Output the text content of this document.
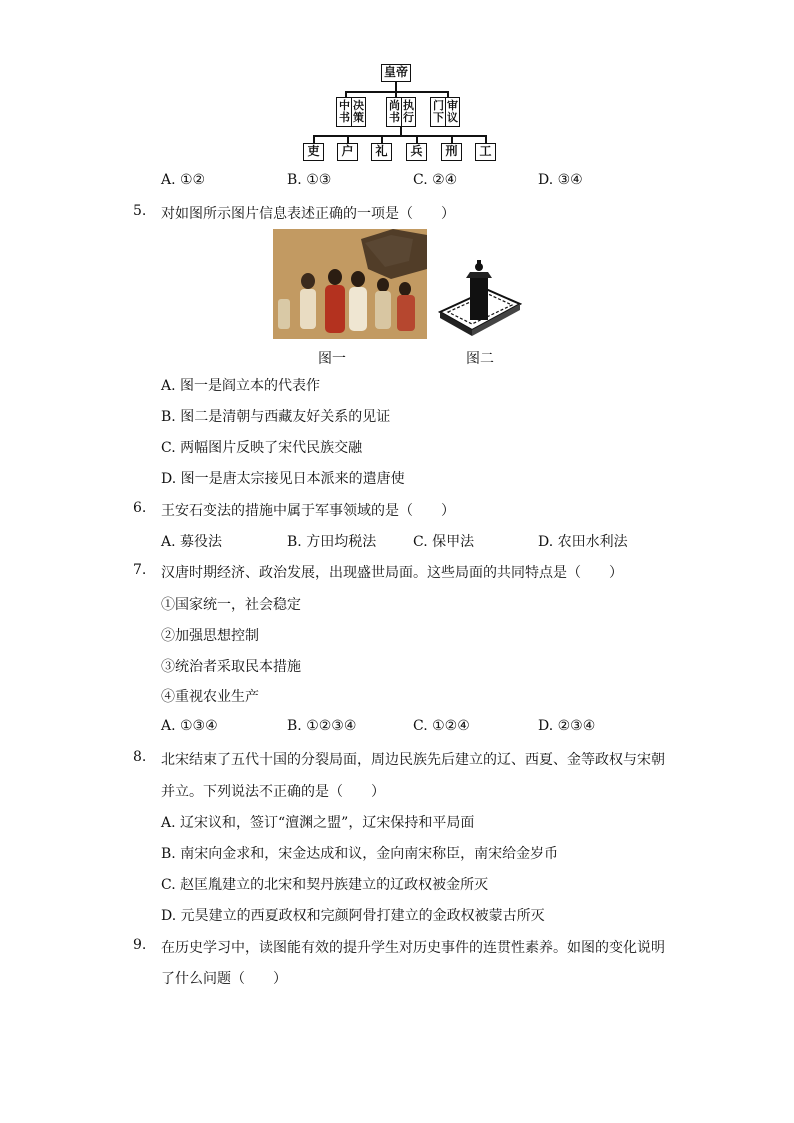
皇帝
中书
决策
尚书
执行
门下
审议
吏	户	礼	兵	刑	工
A. ①②	B. ①③	C. ②④	D. ③④
5. 对如图所示图片信息表述正确的一项是（　　）
图一	图二
A. 图一是阎立本的代表作
B. 图二是清朝与西藏友好关系的见证
C. 两幅图片反映了宋代民族交融
D. 图一是唐太宗接见日本派来的遣唐使
6. 王安石变法的措施中属于军事领域的是（　　）
A. 募役法	B. 方田均税法	C. 保甲法	D. 农田水利法
7. 汉唐时期经济、政治发展，出现盛世局面。这些局面的共同特点是（　　）
①国家统一，社会稳定
②加强思想控制
③统治者采取民本措施
④重视农业生产
A. ①③④	B. ①②③④	C. ①②④	D. ②③④
8. 北宋结束了五代十国的分裂局面，周边民族先后建立的辽、西夏、金等政权与宋朝
并立。下列说法不正确的是（　　）
A. 辽宋议和，签订“澶渊之盟”，辽宋保持和平局面
B. 南宋向金求和，宋金达成和议，金向南宋称臣，南宋给金岁币
C. 赵匡胤建立的北宋和契丹族建立的辽政权被金所灭
D. 元昊建立的西夏政权和完颜阿骨打建立的金政权被蒙古所灭
9. 在历史学习中，读图能有效的提升学生对历史事件的连贯性素养。如图的变化说明
了什么问题（　　）
